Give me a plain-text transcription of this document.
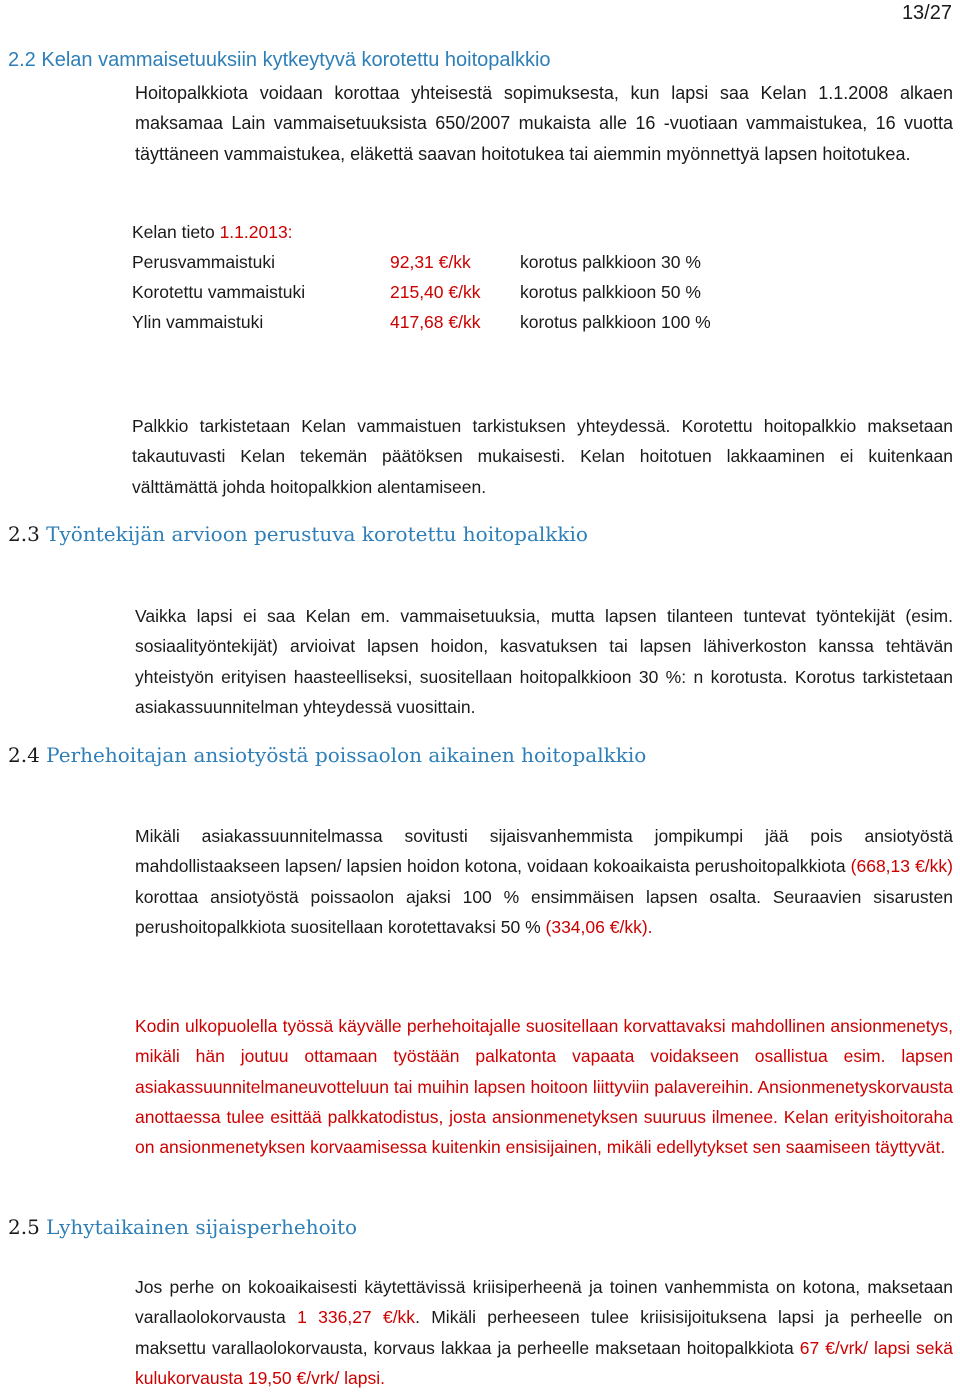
13/27
2.2 Kelan vammaisetuuksiin kytkeytyvä korotettu hoitopalkkio
Hoitopalkkiota voidaan korottaa yhteisestä sopimuksesta, kun lapsi saa Kelan 1.1.2008 alkaen maksamaa Lain vammaisetuuksista 650/2007 mukaista alle 16 -vuotiaan vammaistukea, 16 vuotta täyttäneen vammaistukea, eläkettä saavan hoitotukea tai aiemmin myönnettyä lapsen hoitotukea.
Kelan tieto 1.1.2013:
Perusvammaistuki	92,31 €/kk	korotus palkkioon 30 %
Korotettu vammaistuki	215,40 €/kk korotus palkkioon 50 %
Ylin vammaistuki	417,68 €/kk korotus palkkioon 100 %
Palkkio tarkistetaan Kelan vammaistuen tarkistuksen yhteydessä. Korotettu hoitopalkkio maksetaan takautuvasti Kelan tekemän päätöksen mukaisesti. Kelan hoitotuen lakkaaminen ei kuitenkaan välttämättä johda hoitopalkkion alentamiseen.
2.3 Työntekijän arvioon perustuva korotettu hoitopalkkio
Vaikka lapsi ei saa Kelan em. vammaisetuuksia, mutta lapsen tilanteen tuntevat työntekijät (esim. sosiaalityöntekijät) arvioivat lapsen hoidon, kasvatuksen tai lapsen lähiverkoston kanssa tehtävän yhteistyön erityisen haasteelliseksi, suositellaan hoitopalkkioon 30 %: n korotusta. Korotus tarkistetaan asiakassuunnitelman yhteydessä vuosittain.
2.4 Perhehoitajan ansiotyöstä poissaolon aikainen hoitopalkkio
Mikäli asiakassuunnitelmassa sovitusti sijaisvanhemmista jompikumpi jää pois ansiotyöstä mahdollistaakseen lapsen/ lapsien hoidon kotona, voidaan kokoaikaista perushoitopalkkiota (668,13 €/kk) korottaa ansiotyöstä poissaolon ajaksi 100 % ensimmäisen lapsen osalta. Seuraavien sisarusten perushoitopalkkiota suositellaan korotettavaksi 50 % (334,06 €/kk).
Kodin ulkopuolella työssä käyvälle perhehoitajalle suositellaan korvattavaksi mahdollinen ansionmenetys, mikäli hän joutuu ottamaan työstään palkatonta vapaata voidakseen osallistua esim. lapsen asiakassuunnitelmaneuvotteluun tai muihin lapsen hoitoon liittyviin palavereihin. Ansionmenetyskorvausta anottaessa tulee esittää palkkatodistus, josta ansionmenetyksen suuruus ilmenee. Kelan erityishoitoraha on ansionmenetyksen korvaamisessa kuitenkin ensisijainen, mikäli edellytykset sen saamiseen täyttyvät.
2.5 Lyhytaikainen sijaisperhehoito
Jos perhe on kokoaikaisesti käytettävissä kriisiperheenä ja toinen vanhemmista on kotona, maksetaan varallaolokorvausta 1 336,27 €/kk. Mikäli perheeseen tulee kriisisijoituksena lapsi ja perheelle on maksettu varallaolokorvausta, korvaus lakkaa ja perheelle maksetaan hoitopalkkiota 67 €/vrk/ lapsi sekä kulukorvausta 19,50 €/vrk/ lapsi.
